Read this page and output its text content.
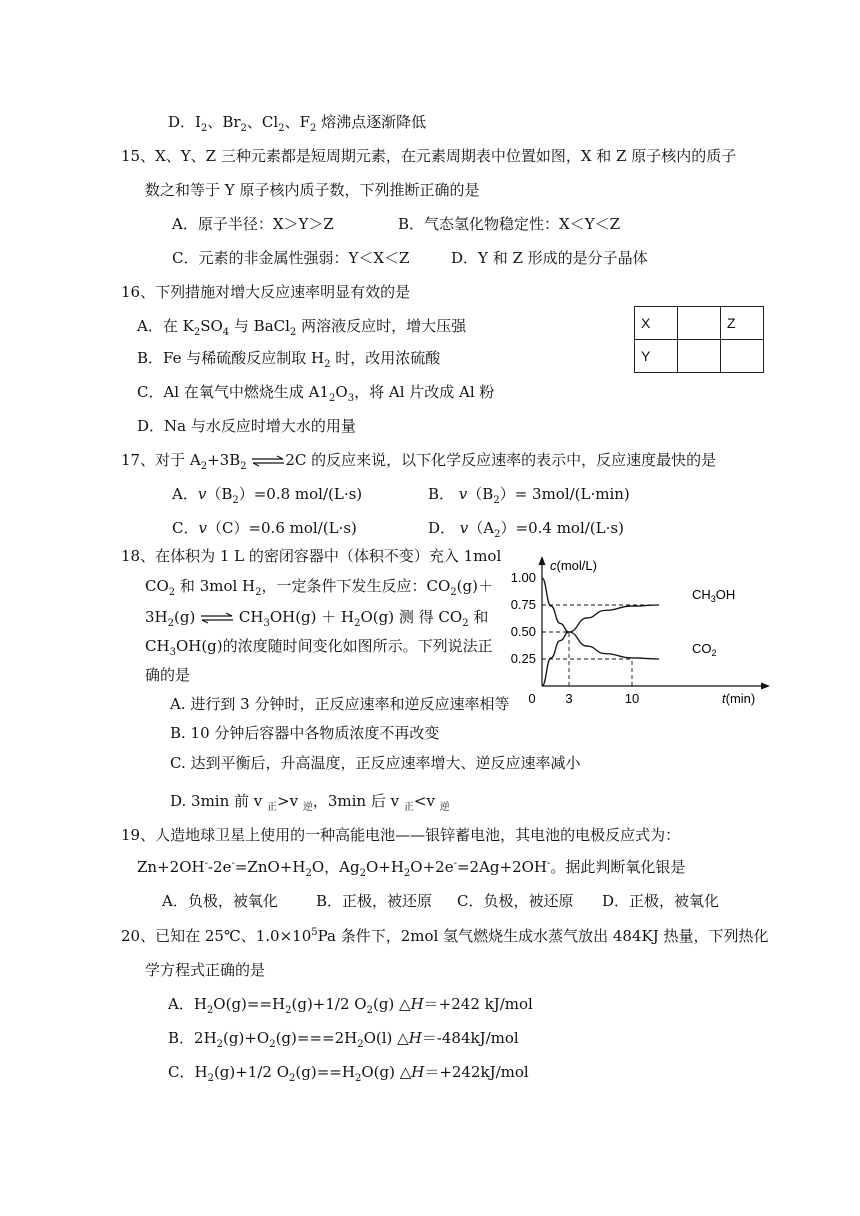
D．$I_2$、$Br_2$、$Cl_2$、$F_2$ 熔沸点逐渐降低
15、X、Y、Z 三种元素都是短周期元素，在元素周期表中位置如图，X 和 Z 原子核内的质子
数之和等于 Y 原子核内质子数，下列推断正确的是
A．原子半径：X＞Y＞Z	B．气态氢化物稳定性：X＜Y＜Z
C．元素的非金属性强弱：Y＜X＜Z	D．Y 和 Z 形成的是分子晶体
X		Z
Y		
16、下列措施对增大反应速率明显有效的是
A．在 $K_2SO_4$ 与 BaCl$_2$ 两溶液反应时，增大压强
B．Fe 与稀硫酸反应制取 $H_2$ 时，改用浓硫酸
C．Al 在氧气中燃烧生成 $A1_2O_3$，将 Al 片改成 Al 粉
D．Na 与水反应时增大水的用量
17、对于 $A_2+3B_2$ ⇌2C 的反应来说，以下化学反应速率的表示中，反应速度最快的是
A．$v(B_2)=0.8$ mol/(L·s)	B． $v(B_2)= 3mol/(L\cdot\min)$
C．v（C）=0.6 mol/(L·s)	D． $v(A_2)=0.4$ mol/(L·s)
18、在体积为 1 L 的密闭容器中（体积不变）充入 1mol
$CO_2$ 和 3mol $H_2$，一定条件下发生反应：$CO_2(g)+$
$3H_2(g)$ ⇌ $CH_3OH(g) + H_2O(g)$ 测 得 $CO_2$ 和
$CH_3OH(g)$的浓度随时间变化如图所示。下列说法正
确的是
A. 进行到 3 分钟时，正反应速率和逆反应速率相等
B. 10 分钟后容器中各物质浓度不再改变
C. 达到平衡后，升高温度，正反应速率增大、逆反应速率减小
D. 3min 前 v $_正$>v $_逆$，3min 后 v $_正$<v $_逆$
1.00
0.75
0.50
0.25
0 3	10
c(mol/L)
t(min)
$CH_3OH$
$CO_2$
19、人造地球卫星上使用的一种高能电池——银锌蓄电池，其电池的电极反应式为：
$Zn+2OH^--2e^-=ZnO+H_2O$，$Ag_2O+H_2O+2e^-=2Ag+2OH^-$。据此判断氧化银是
A．负极，被氧化	B．正极，被还原 C．负极，被还原 D．正极，被氧化
20、已知在 25℃、$1.0\times 10^5Pa$ 条件下，2mol 氢气燃烧生成水蒸气放出 484KJ 热量，下列热化
学方程式正确的是
A．$H_2O(g)==H_2(g)+1/2$ $O_2(g)$ △H＝+242 kJ/mol
B．$2H_2(g)+O_2(g)===2H_2O(l)$ △H＝-484kJ/mol
C．$H_2(g)+1/2$ $O_2(g)==H_2O(g)$ △H＝+242kJ/mol
